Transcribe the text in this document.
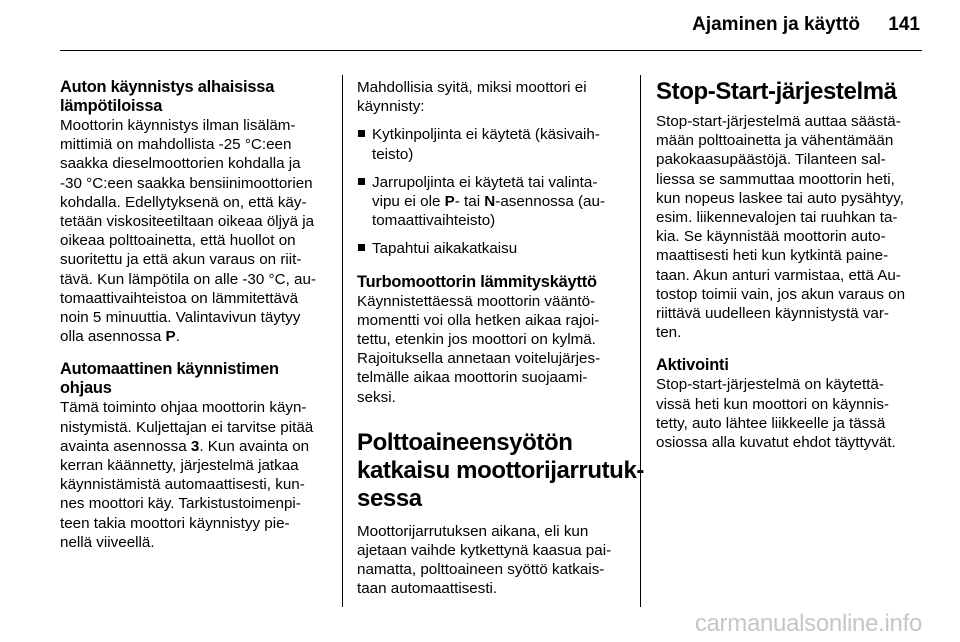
Ajaminen ja käyttö 141
Auton käynnistys alhaisissa
lämpötiloissa
Moottorin käynnistys ilman lisäläm-
mittimiä on mahdollista -25 °C:een
saakka dieselmoottorien kohdalla ja
-30 °C:een saakka bensiinimoottorien
kohdalla. Edellytyksenä on, että käy-
tetään viskositeetiltaan oikeaa öljyä ja
oikeaa polttoainetta, että huollot on
suoritettu ja että akun varaus on riit-
tävä. Kun lämpötila on alle -30 °C, au-
tomaattivaihteistoa on lämmitettävä
noin 5 minuuttia. Valintavivun täytyy
olla asennossa P.
Automaattinen käynnistimen
ohjaus
Tämä toiminto ohjaa moottorin käyn-
nistymistä. Kuljettajan ei tarvitse pitää
avainta asennossa 3. Kun avainta on
kerran käännetty, järjestelmä jatkaa
käynnistämistä automaattisesti, kun-
nes moottori käy. Tarkistustoimenpi-
teen takia moottori käynnistyy pie-
nellä viiveellä.
Mahdollisia syitä, miksi moottori ei
käynnisty:
Kytkinpoljinta ei käytetä (käsivaih-
teisto)
Jarrupoljinta ei käytetä tai valinta-
vipu ei ole P- tai N-asennossa (au-
tomaattivaihteisto)
Tapahtui aikakatkaisu
Turbomoottorin lämmityskäyttö
Käynnistettäessä moottorin vääntö-
momentti voi olla hetken aikaa rajoi-
tettu, etenkin jos moottori on kylmä.
Rajoituksella annetaan voitelujärjes-
telmälle aikaa moottorin suojaami-
seksi.
Polttoaineensyötön
katkaisu moottorijarrutuk-
sessa
Moottorijarrutuksen aikana, eli kun
ajetaan vaihde kytkettynä kaasua pai-
namatta, polttoaineen syöttö katkais-
taan automaattisesti.
Stop-Start-järjestelmä
Stop-start-järjestelmä auttaa säästä-
mään polttoainetta ja vähentämään
pakokaasupäästöjä. Tilanteen sal-
liessa se sammuttaa moottorin heti,
kun nopeus laskee tai auto pysähtyy,
esim. liikennevalojen tai ruuhkan ta-
kia. Se käynnistää moottorin auto-
maattisesti heti kun kytkintä paine-
taan. Akun anturi varmistaa, että Au-
tostop toimii vain, jos akun varaus on
riittävä uudelleen käynnistystä var-
ten.
Aktivointi
Stop-start-järjestelmä on käytettä-
vissä heti kun moottori on käynnis-
tetty, auto lähtee liikkeelle ja tässä
osiossa alla kuvatut ehdot täyttyvät.
carmanualsonline.info
